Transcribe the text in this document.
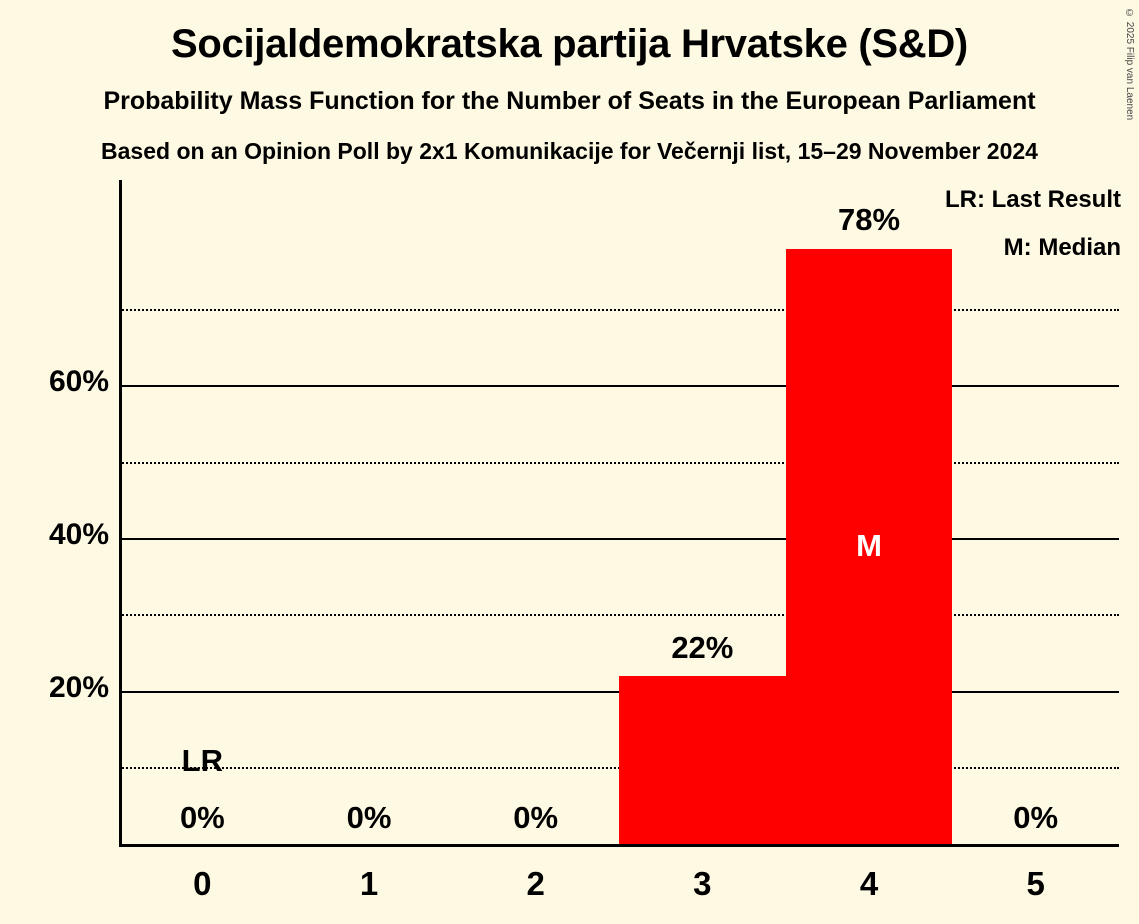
Socijaldemokratska partija Hrvatske (S&D)
Probability Mass Function for the Number of Seats in the European Parliament
Based on an Opinion Poll by 2x1 Komunikacije for Večernji list, 15–29 November 2024
© 2025 Filip van Laenen
LR: Last Result
M: Median
M
LR
0%	0%	0%
22%
78%
0%
60%
40%
20%
0	1	2	3	4	5
